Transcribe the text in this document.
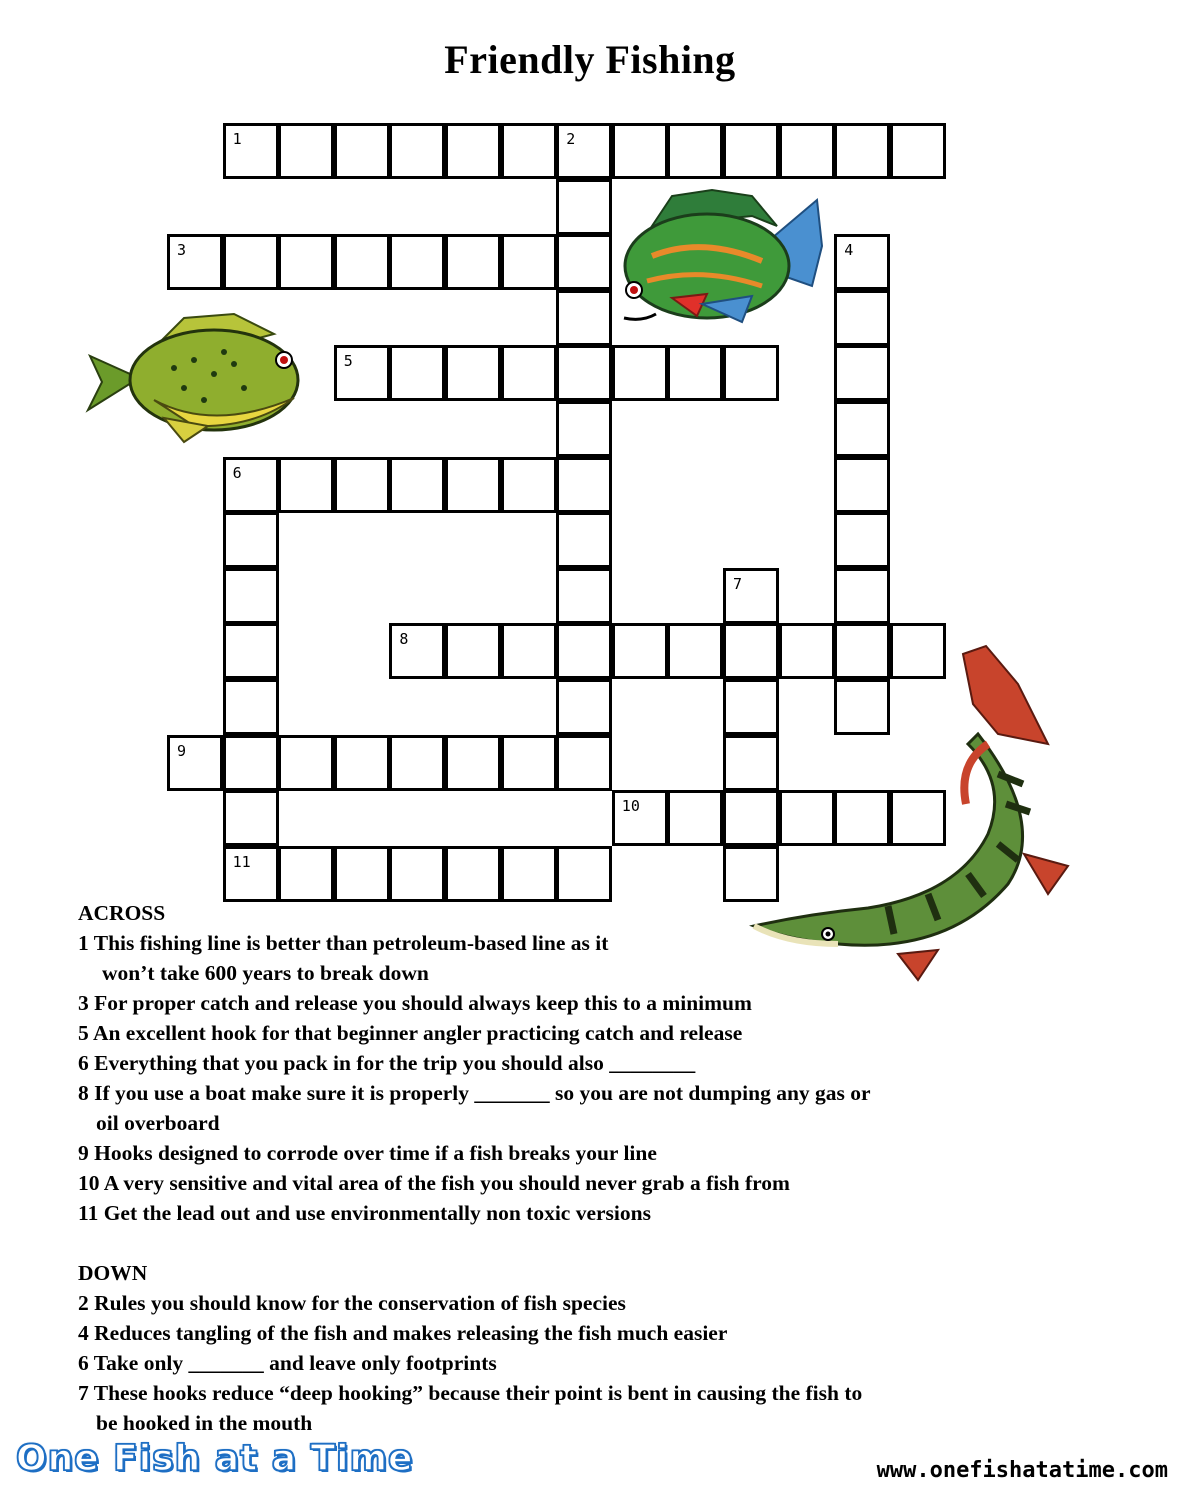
Friendly Fishing
1	2
3	4
5
6
7
8
9
10
11
ACROSS
1 This fishing line is better than petroleum-based line as it
won’t take 600 years to break down
3 For proper catch and release you should always keep this to a minimum
5 An excellent hook for that beginner angler practicing catch and release
6 Everything that you pack in for the trip you should also ________
8 If you use a boat make sure it is properly _______ so you are not dumping any gas or
oil overboard
9 Hooks designed to corrode over time if a fish breaks your line
10 A very sensitive and vital area of the fish you should never grab a fish from
11 Get the lead out and use environmentally non toxic versions
DOWN
2 Rules you should know for the conservation of fish species
4 Reduces tangling of the fish and makes releasing the fish much easier
6 Take only _______ and leave only footprints
7 These hooks reduce “deep hooking” because their point is bent in causing the fish to
be hooked in the mouth
One Fish at a Time	www.onefishatatime.com
